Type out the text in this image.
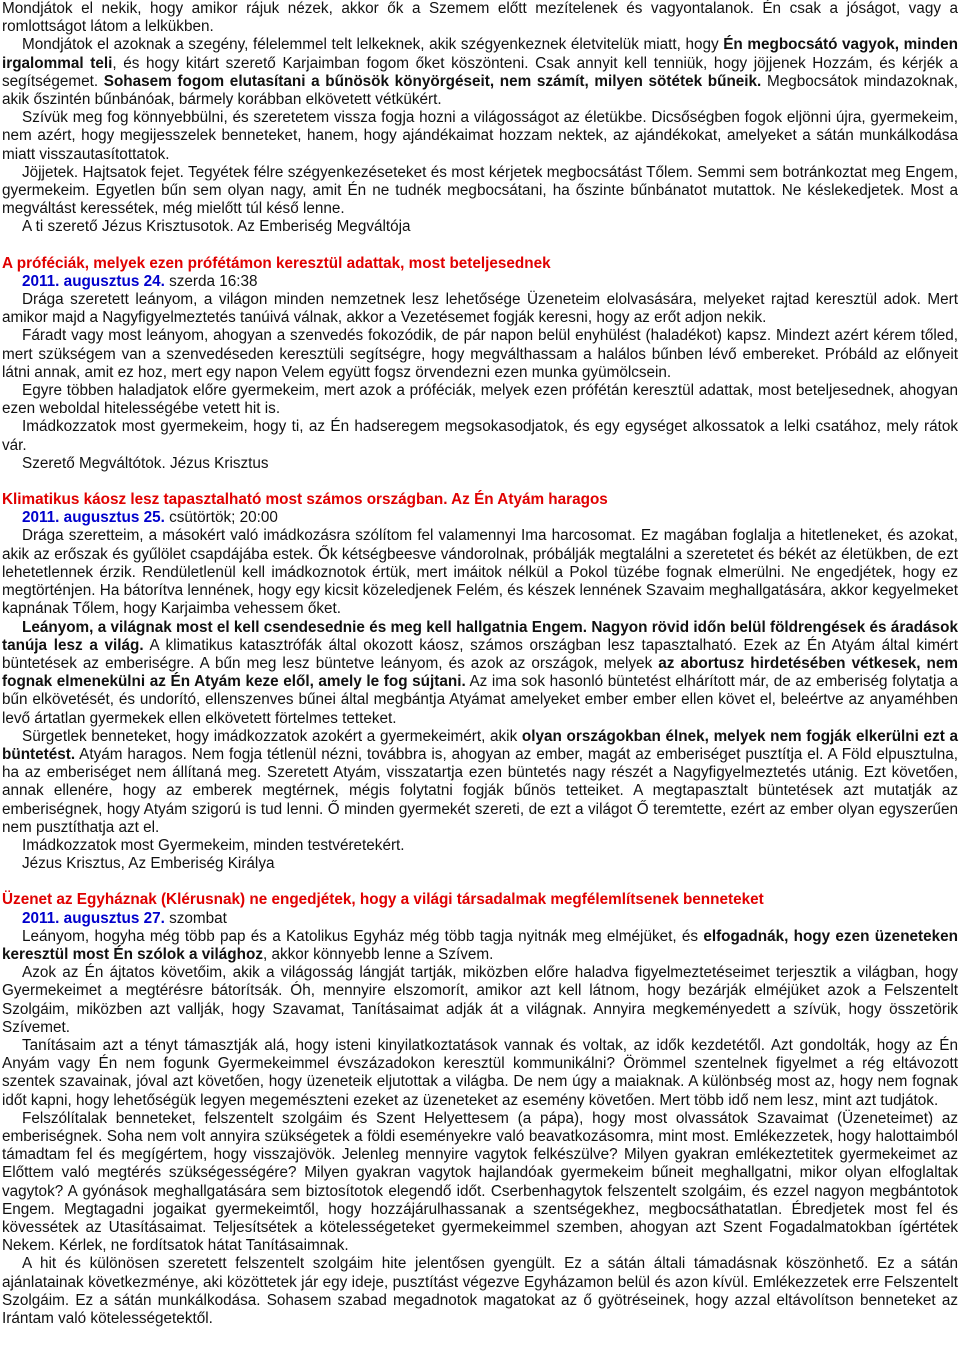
Mondjátok el nekik, hogy amikor rájuk nézek, akkor ők a Szemem előtt mezítelenek és vagyontalanok. Én csak a jóságot, vagy a romlottságot látom a lelkükben.

Mondjátok el azoknak a szegény, félelemmel telt lelkeknek, akik szégyenkeznek életvitelük miatt, hogy Én megbocsátó vagyok, minden irgalommal teli, és hogy kitárt szerető Karjaimban fogom őket köszönteni. Csak annyit kell tenniük, hogy jöjjenek Hozzám, és kérjék a segítségemet. Sohasem fogom elutasítani a bűnösök könyörgéseit, nem számít, milyen sötétek bűneik. Megbocsátok mindazoknak, akik őszintén bűnbánóak, bármely korábban elkövetett vétkükért.

Szívük meg fog könnyebbülni, és szeretetem vissza fogja hozni a világosságot az életükbe. Dicsőségben fogok eljönni újra, gyermekeim, nem azért, hogy megijesszelek benneteket, hanem, hogy ajándékaimat hozzam nektek, az ajándékokat, amelyeket a sátán munkálkodása miatt visszautasítottatok.

Jöjjetek. Hajtsatok fejet. Tegyétek félre szégyenkezéseteket és most kérjetek megbocsátást Tőlem. Semmi sem botránkoztat meg Engem, gyermekeim. Egyetlen bűn sem olyan nagy, amit Én ne tudnék megbocsátani, ha őszinte bűnbánatot mutattok. Ne késlekedjetek. Most a megváltást keressétek, még mielőtt túl késő lenne.

A ti szerető Jézus Krisztusotok. Az Emberiség Megváltója

A próféciák, melyek ezen prófétámon keresztül adattak, most beteljesednek

2011. augusztus 24. szerda 16:38

Drága szeretett leányom, a világon minden nemzetnek lesz lehetősége Üzeneteim elolvasására, melyeket rajtad keresztül adok. Mert amikor majd a Nagyfigyelmeztetés tanúivá válnak, akkor a Vezetésemet fogják keresni, hogy az erőt adjon nekik.

Fáradt vagy most leányom, ahogyan a szenvedés fokozódik, de pár napon belül enyhülést (haladékot) kapsz. Mindezt azért kérem tőled, mert szükségem van a szenvedéseden keresztüli segítségre, hogy megválthassam a halálos bűnben lévő embereket. Próbáld az előnyeit látni annak, amit ez hoz, mert egy napon Velem együtt fogsz örvendezni ezen munka gyümölcsein.

Egyre többen haladjatok előre gyermekeim, mert azok a próféciák, melyek ezen prófétán keresztül adattak, most beteljesednek, ahogyan ezen weboldal hitelességébe vetett hit is.

Imádkozzatok most gyermekeim, hogy ti, az Én hadseregem megsokasodjatok, és egy egységet alkossatok a lelki csatához, mely rátok vár.

Szerető Megváltótok. Jézus Krisztus

Klimatikus káosz lesz tapasztalható most számos országban. Az Én Atyám haragos

2011. augusztus 25. csütörtök; 20:00

Drága szeretteim, a másokért való imádkozásra szólítom fel valamennyi Ima harcosomat. Ez magában foglalja a hitetleneket, és azokat, akik az erőszak és gyűlölet csapdájába estek. Ők kétségbeesve vándorolnak, próbálják megtalálni a szeretetet és békét az életükben, de ezt lehetetlennek érzik. Rendületlenül kell imádkoznotok értük, mert imáitok nélkül a Pokol tüzébe fognak elmerülni. Ne engedjétek, hogy ez megtörténjen. Ha bátorítva lennének, hogy egy kicsit közeledjenek Felém, és készek lennének Szavaim meghallgatására, akkor kegyelmeket kapnának Tőlem, hogy Karjaimba vehessem őket.

Leányom, a világnak most el kell csendesednie és meg kell hallgatnia Engem. Nagyon rövid időn belül földrengések és áradások tanúja lesz a világ. A klimatikus katasztrófák által okozott káosz, számos országban lesz tapasztalható. Ezek az Én Atyám által kimért büntetések az emberiségre. A bűn meg lesz büntetve leányom, és azok az országok, melyek az abortusz hirdetésében vétkesek, nem fognak elmenekülni az Én Atyám keze elől, amely le fog sújtani. Az ima sok hasonló büntetést elhárított már, de az emberiség folytatja a bűn elkövetését, és undorító, ellenszenves bűnei által megbántja Atyámat amelyeket ember ember ellen követ el, beleértve az anyaméhben levő ártatlan gyermekek ellen elkövetett förtelmes tetteket.

Sürgetlek benneteket, hogy imádkozzatok azokért a gyermekeimért, akik olyan országokban élnek, melyek nem fogják elkerülni ezt a büntetést. Atyám haragos. Nem fogja tétlenül nézni, továbbra is, ahogyan az ember, magát az emberiséget pusztítja el. A Föld elpusztulna, ha az emberiséget nem állítaná meg. Szeretett Atyám, visszatartja ezen büntetés nagy részét a Nagyfigyelmeztetés utánig. Ezt követően, annak ellenére, hogy az emberek megtérnek, mégis folytatni fogják bűnös tetteiket. A megtapasztalt büntetések azt mutatják az emberiségnek, hogy Atyám szigorú is tud lenni. Ő minden gyermekét szereti, de ezt a világot Ő teremtette, ezért az ember olyan egyszerűen nem pusztíthatja azt el.

Imádkozzatok most Gyermekeim, minden testvéretekért.

Jézus Krisztus, Az Emberiség Királya

Üzenet az Egyháznak (Klérusnak) ne engedjétek, hogy a világi társadalmak megfélemlítsenek benneteket

2011. augusztus 27. szombat

Leányom, hogyha még több pap és a Katolikus Egyház még több tagja nyitnák meg elméjüket, és elfogadnák, hogy ezen üzeneteken keresztül most Én szólok a világhoz, akkor könnyebb lenne a Szívem.

Azok az Én ájtatos követőim, akik a világosság lángját tartják, miközben előre haladva figyelmeztetéseimet terjesztik a világban, hogy Gyermekeimet a megtérésre bátorítsák. Óh, mennyire elszomorít, amikor azt kell látnom, hogy bezárják elméjüket azok a Felszentelt Szolgáim, miközben azt vallják, hogy Szavamat, Tanításaimat adják át a világnak. Annyira megkeményedett a szívük, hogy összetörik Szívemet.

Tanításaim azt a tényt támasztják alá, hogy isteni kinyilatkoztatások vannak és voltak, az idők kezdetétől. Azt gondolták, hogy az Én Anyám vagy Én nem fogunk Gyermekeimmel évszázadokon keresztül kommunikálni? Örömmel szentelnek figyelmet a rég eltávozott szentek szavainak, jóval azt követően, hogy üzeneteik eljutottak a világba. De nem úgy a maiaknak. A különbség most az, hogy nem fognak időt kapni, hogy lehetőségük legyen megemészteni ezeket az üzeneteket az esemény követően. Mert több idő nem lesz, mint azt tudjátok.

Felszólítalak benneteket, felszentelt szolgáim és Szent Helyettesem (a pápa), hogy most olvassátok Szavaimat (Üzeneteimet) az emberiségnek. Soha nem volt annyira szükségetek a földi eseményekre való beavatkozásomra, mint most. Emlékezzetek, hogy halottaimból támadtam fel és megígértem, hogy visszajövök. Jelenleg mennyire vagytok felkészülve? Milyen gyakran emlékeztetitek gyermekeimet az Előttem való megtérés szükségességére? Milyen gyakran vagytok hajlandóak gyermekeim bűneit meghallgatni, mikor olyan elfoglaltak vagytok? A gyónások meghallgatására sem biztosítotok elegendő időt. Cserbenhagytok felszentelt szolgáim, és ezzel nagyon megbántotok Engem. Megtagadni jogaikat gyermekeimtől, hogy hozzájárulhassanak a szentségekhez, megbocsáthatatlan. Ébredjetek most fel és kövessétek az Utasításaimat. Teljesítsétek a kötelességeteket gyermekeimmel szemben, ahogyan azt Szent Fogadalmatokban ígértétek Nekem. Kérlek, ne fordítsatok hátat Tanításaimnak.

A hit és különösen szeretett felszentelt szolgáim hite jelentősen gyengült. Ez a sátán általi támadásnak köszönhető. Ez a sátán ajánlatainak következménye, aki közöttetek jár egy ideje, pusztítást végezve Egyházamon belül és azon kívül. Emlékezzetek erre Felszentelt Szolgáim. Ez a sátán munkálkodása. Sohasem szabad megadnotok magatokat az ő gyötréseinek, hogy azzal eltávolítson benneteket az Irántam való kötelességetektől.
